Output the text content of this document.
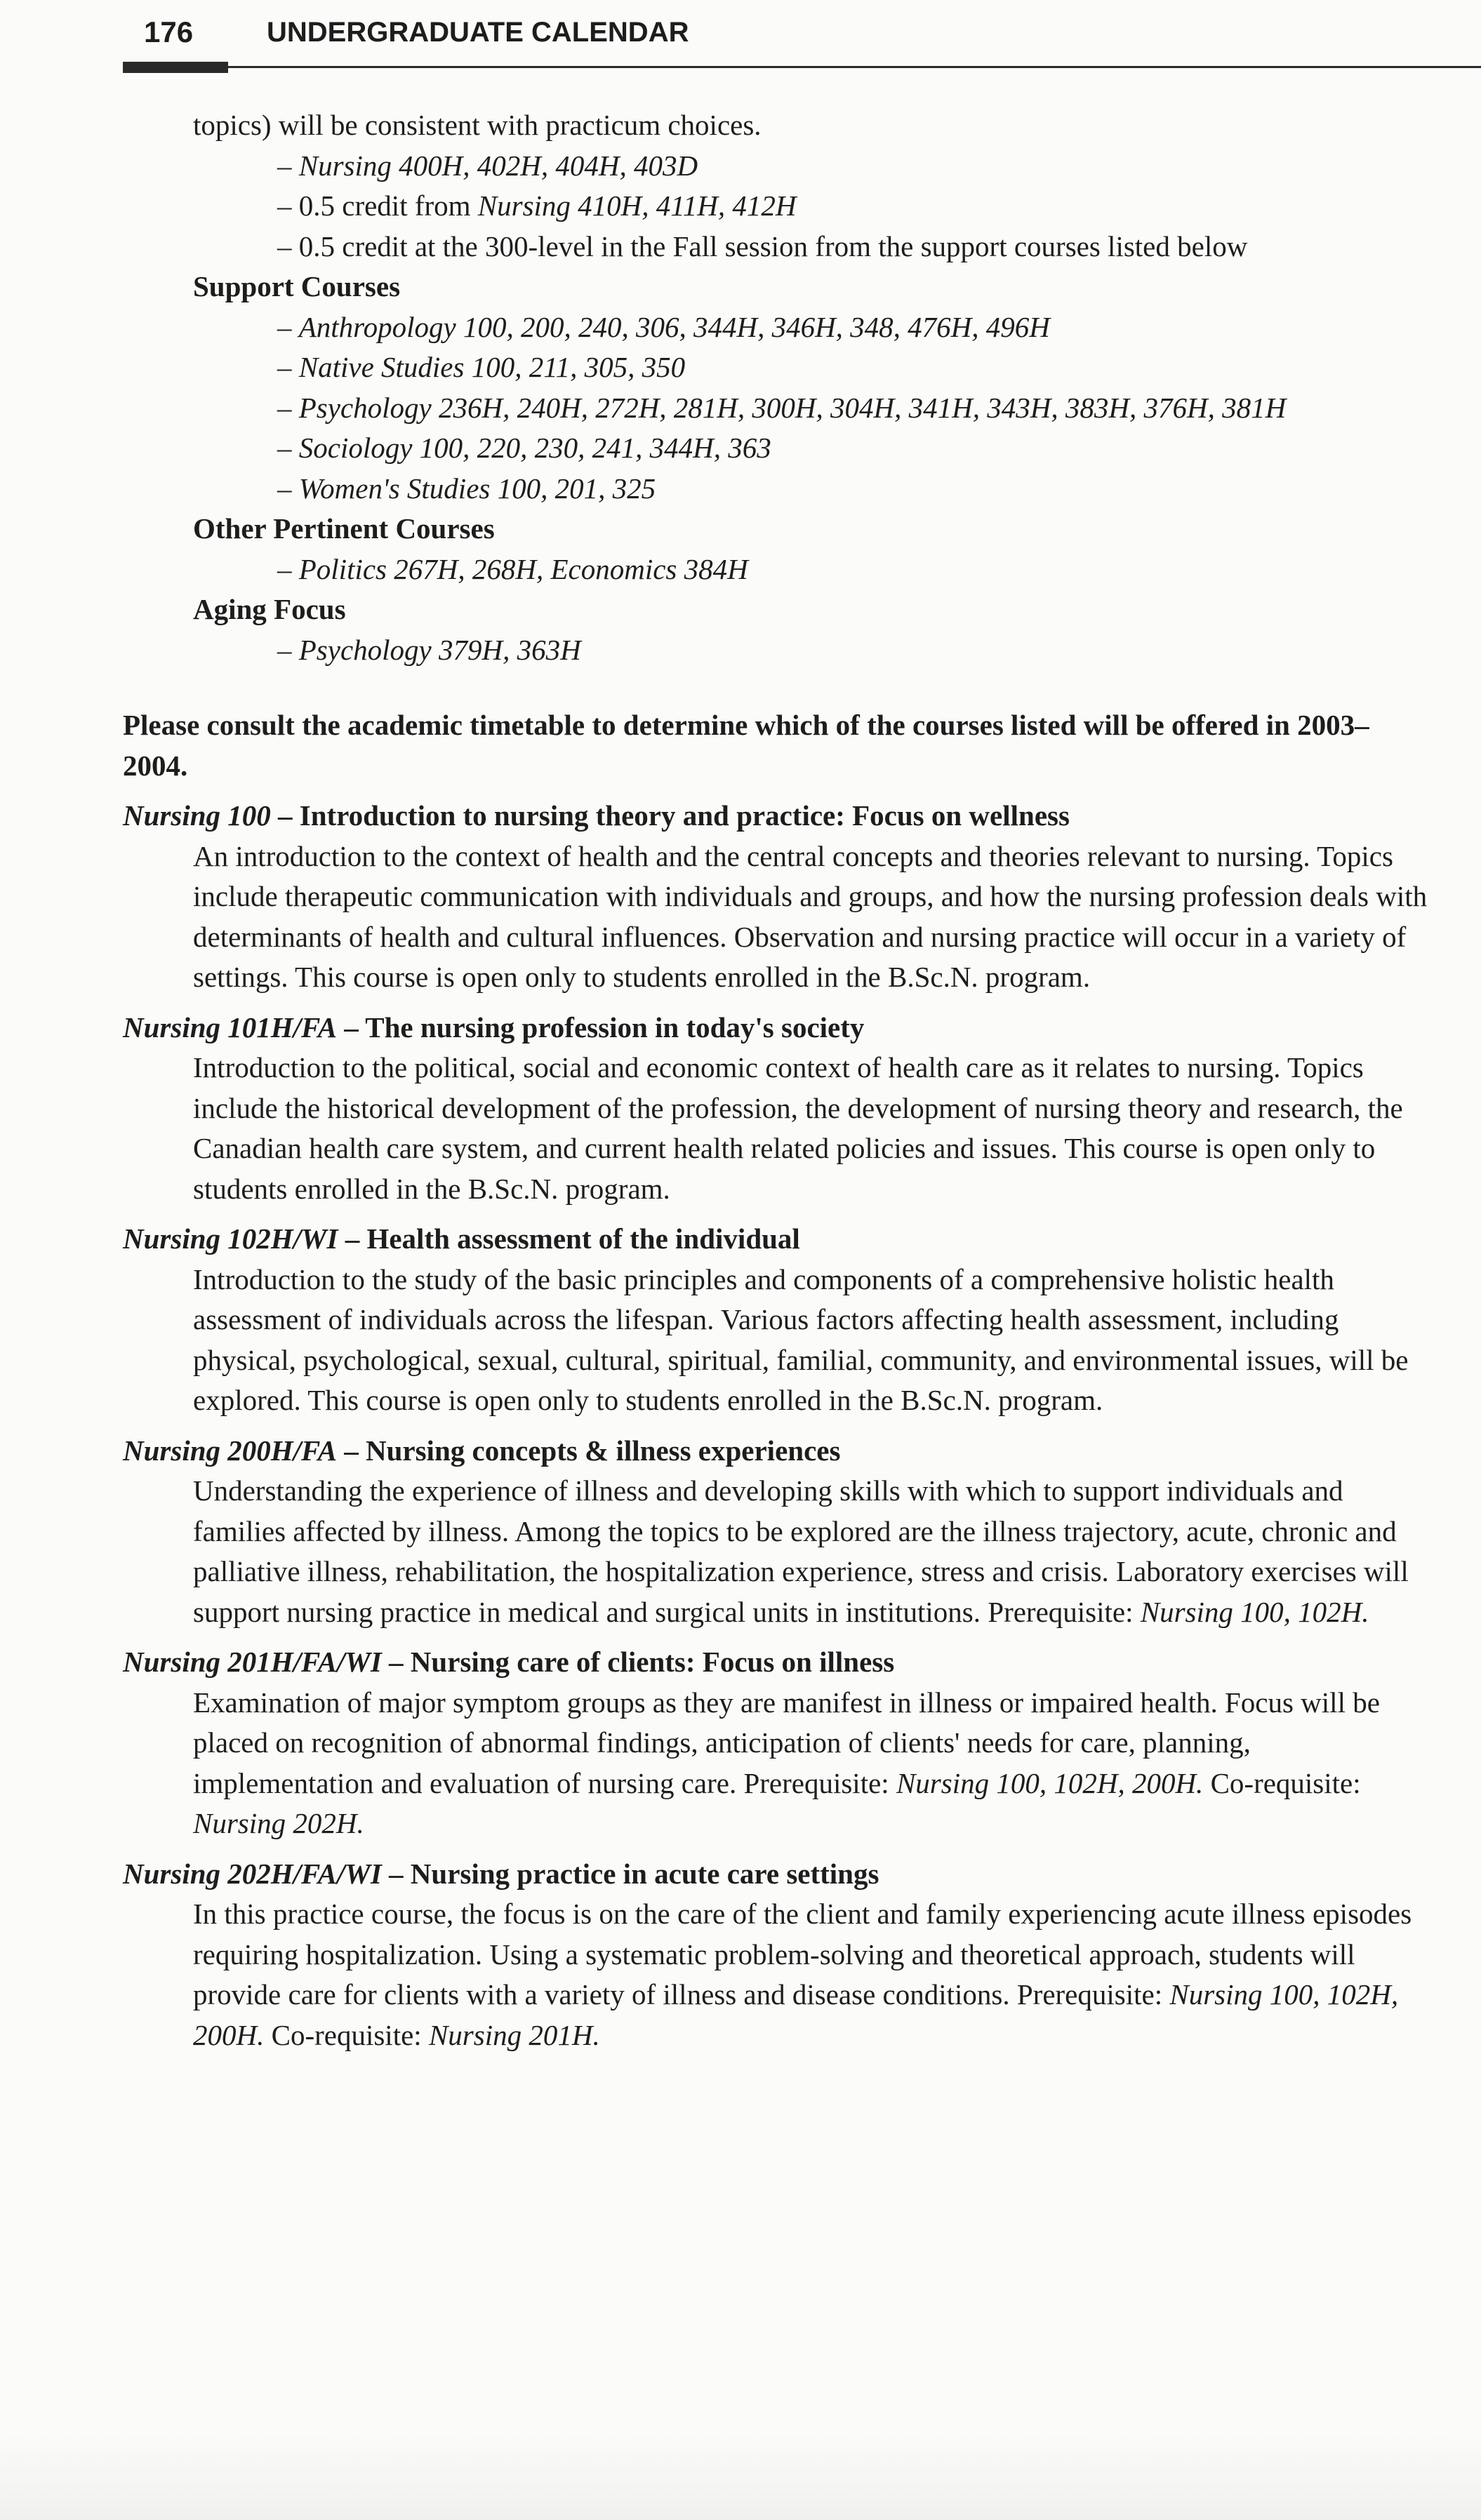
176	UNDERGRADUATE CALENDAR
topics) will be consistent with practicum choices.
– Nursing 400H, 402H, 404H, 403D
– 0.5 credit from Nursing 410H, 411H, 412H
– 0.5 credit at the 300-level in the Fall session from the support courses listed below
Support Courses
– Anthropology 100, 200, 240, 306, 344H, 346H, 348, 476H, 496H
– Native Studies 100, 211, 305, 350
– Psychology 236H, 240H, 272H, 281H, 300H, 304H, 341H, 343H, 383H, 376H, 381H
– Sociology 100, 220, 230, 241, 344H, 363
– Women's Studies 100, 201, 325
Other Pertinent Courses
– Politics 267H, 268H, Economics 384H
Aging Focus
– Psychology 379H, 363H
Please consult the academic timetable to determine which of the courses listed will be offered in 2003–2004.
Nursing 100 – Introduction to nursing theory and practice: Focus on wellness
An introduction to the context of health and the central concepts and theories relevant to nursing. Topics include therapeutic communication with individuals and groups, and how the nursing profession deals with determinants of health and cultural influences. Observation and nursing practice will occur in a variety of settings. This course is open only to students enrolled in the B.Sc.N. program.
Nursing 101H/FA – The nursing profession in today's society
Introduction to the political, social and economic context of health care as it relates to nursing. Topics include the historical development of the profession, the development of nursing theory and research, the Canadian health care system, and current health related policies and issues. This course is open only to students enrolled in the B.Sc.N. program.
Nursing 102H/WI – Health assessment of the individual
Introduction to the study of the basic principles and components of a comprehensive holistic health assessment of individuals across the lifespan. Various factors affecting health assessment, including physical, psychological, sexual, cultural, spiritual, familial, community, and environmental issues, will be explored. This course is open only to students enrolled in the B.Sc.N. program.
Nursing 200H/FA – Nursing concepts & illness experiences
Understanding the experience of illness and developing skills with which to support individuals and families affected by illness. Among the topics to be explored are the illness trajectory, acute, chronic and palliative illness, rehabilitation, the hospitalization experience, stress and crisis. Laboratory exercises will support nursing practice in medical and surgical units in institutions. Prerequisite: Nursing 100, 102H.
Nursing 201H/FA/WI – Nursing care of clients: Focus on illness
Examination of major symptom groups as they are manifest in illness or impaired health. Focus will be placed on recognition of abnormal findings, anticipation of clients' needs for care, planning, implementation and evaluation of nursing care. Prerequisite: Nursing 100, 102H, 200H. Co-requisite: Nursing 202H.
Nursing 202H/FA/WI – Nursing practice in acute care settings
In this practice course, the focus is on the care of the client and family experiencing acute illness episodes requiring hospitalization. Using a systematic problem-solving and theoretical approach, students will provide care for clients with a variety of illness and disease conditions. Prerequisite: Nursing 100, 102H, 200H. Co-requisite: Nursing 201H.
